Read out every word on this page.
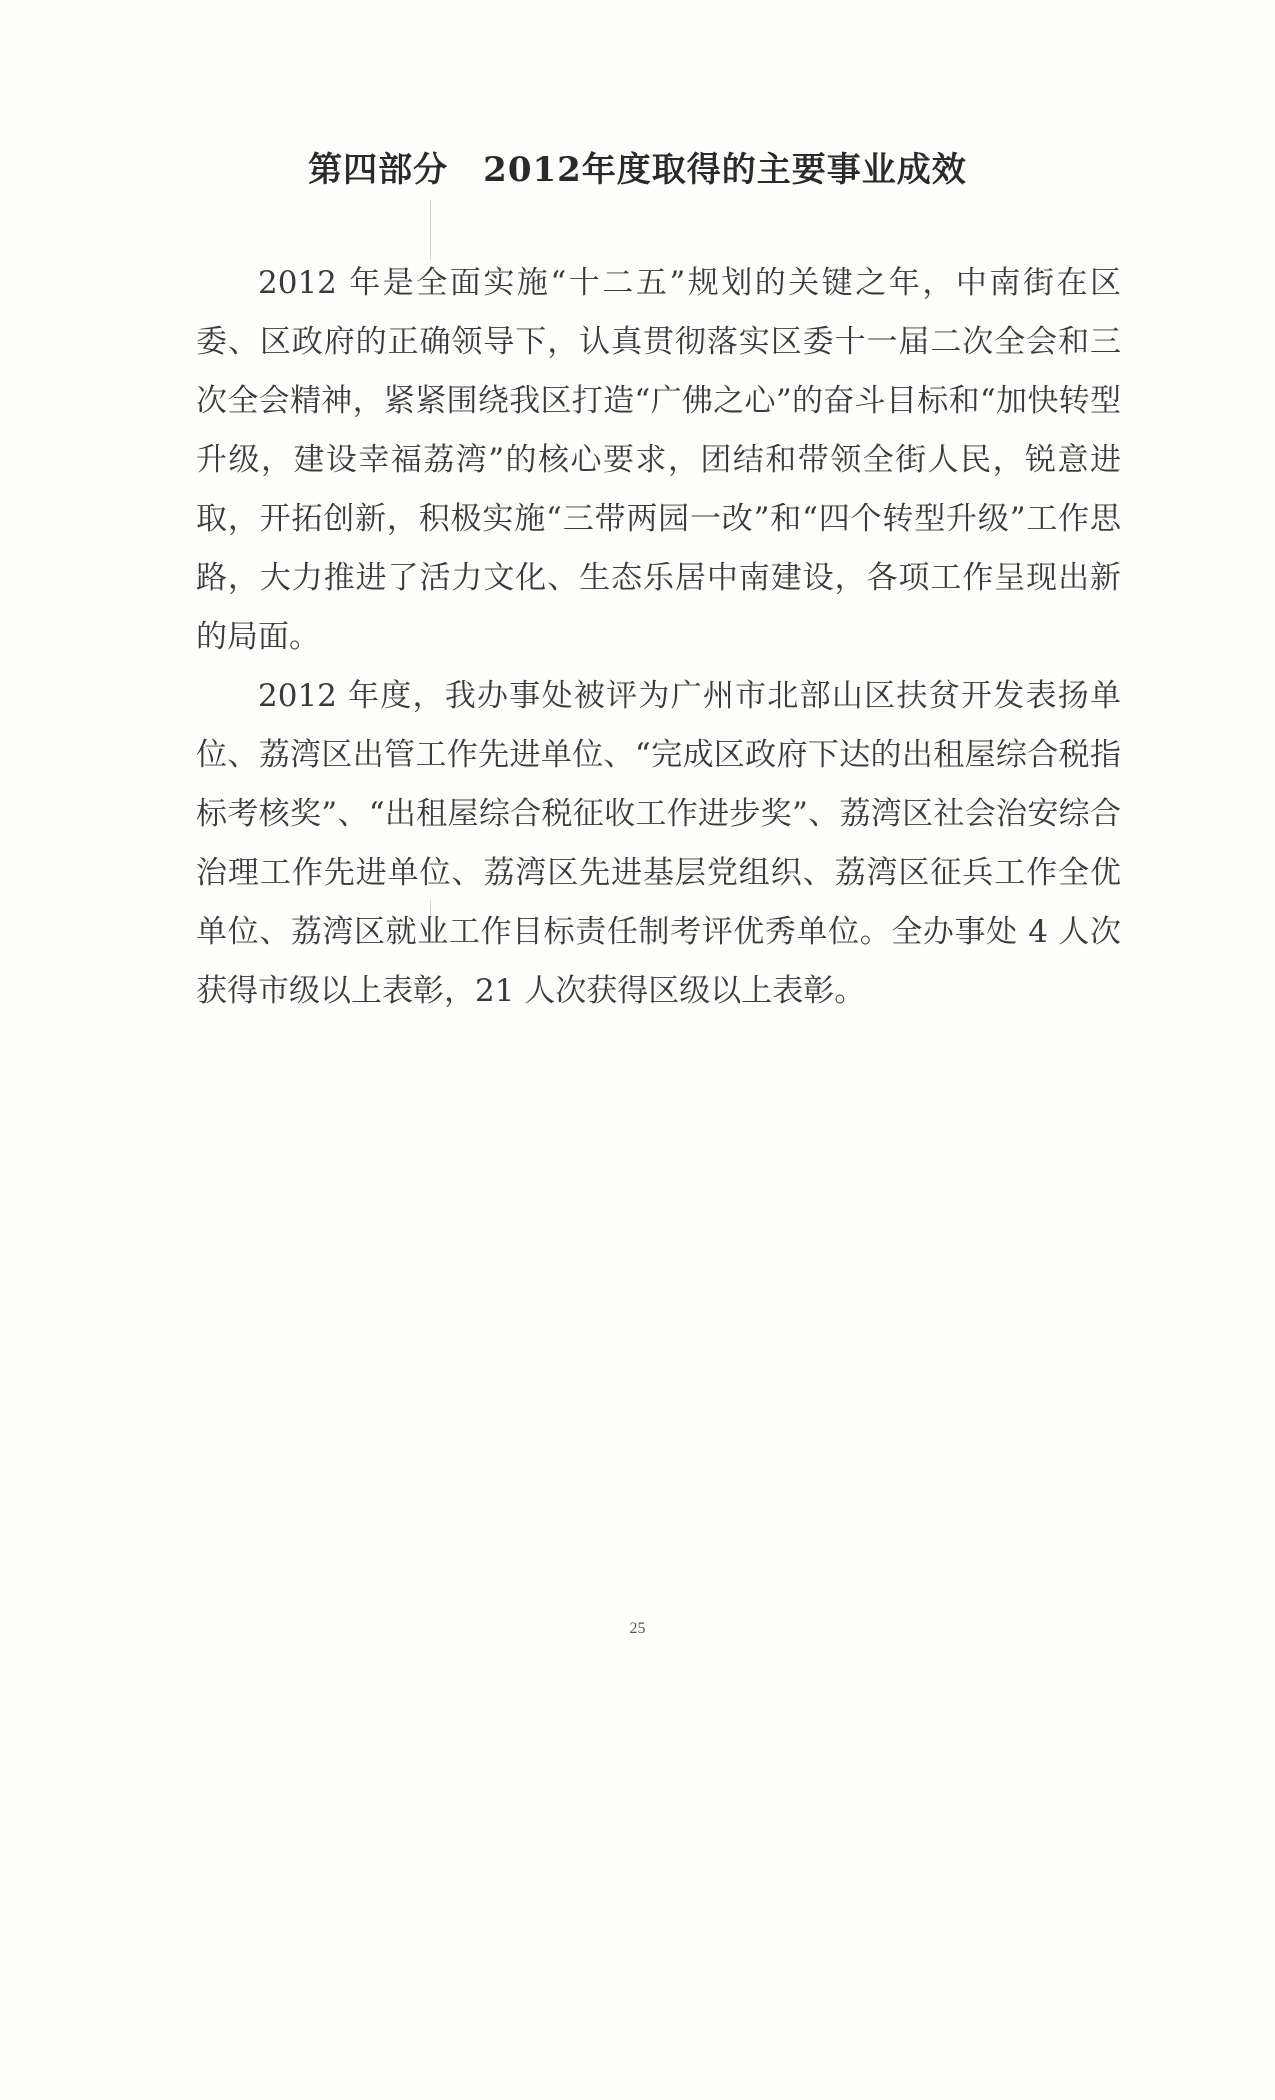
第四部分　2012年度取得的主要事业成效

2012 年是全面实施“十二五”规划的关键之年，中南街在区委、区政府的正确领导下，认真贯彻落实区委十一届二次全会和三次全会精神，紧紧围绕我区打造“广佛之心”的奋斗目标和“加快转型升级，建设幸福荔湾”的核心要求，团结和带领全街人民，锐意进取，开拓创新，积极实施“三带两园一改”和“四个转型升级”工作思路，大力推进了活力文化、生态乐居中南建设，各项工作呈现出新的局面。

2012 年度，我办事处被评为广州市北部山区扶贫开发表扬单位、荔湾区出管工作先进单位、“完成区政府下达的出租屋综合税指标考核奖”、“出租屋综合税征收工作进步奖”、荔湾区社会治安综合治理工作先进单位、荔湾区先进基层党组织、荔湾区征兵工作全优单位、荔湾区就业工作目标责任制考评优秀单位。全办事处 4 人次获得市级以上表彰，21 人次获得区级以上表彰。

25
